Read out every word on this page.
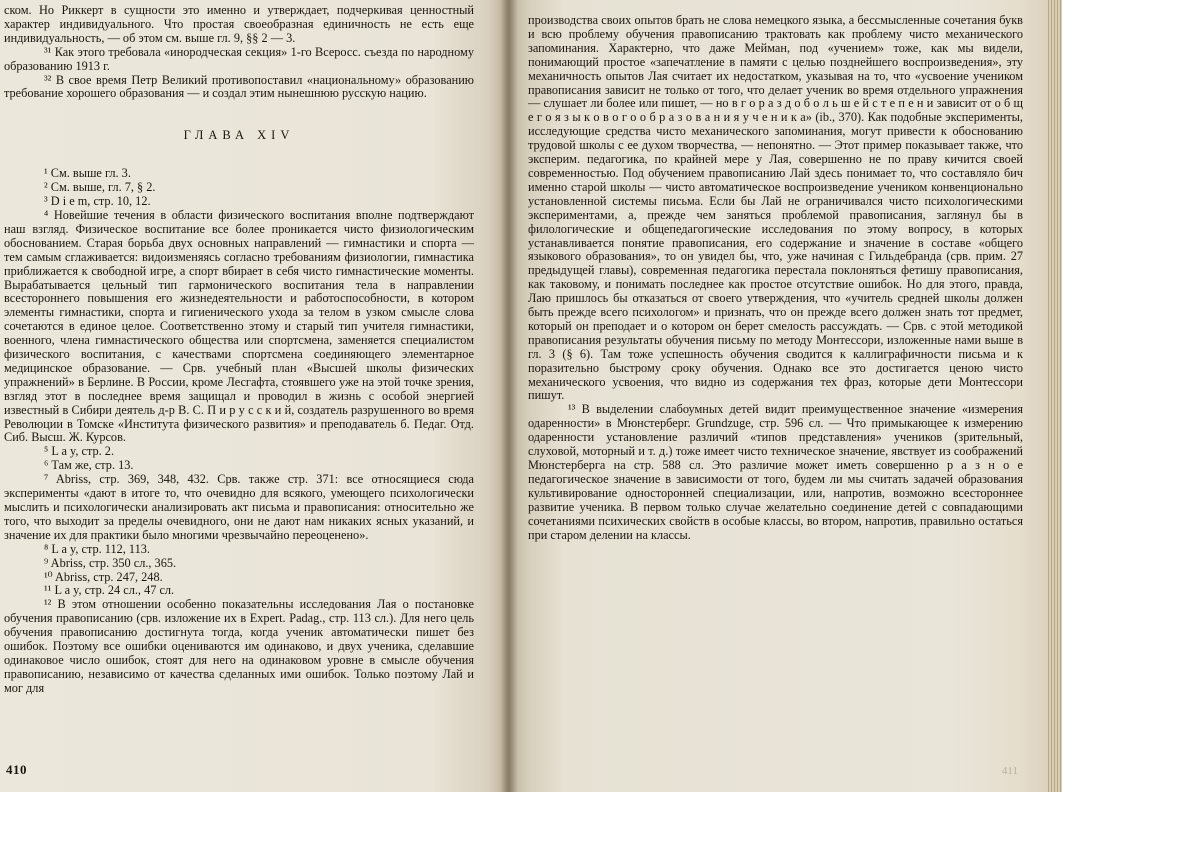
ском. Но Риккерт в сущности это именно и утверждает, подчеркивая ценностный характер индивидуального. Что простая своеобразная единичность не есть еще индивидуальность, — об этом см. выше гл. 9, §§ 2 — 3.

³¹ Как этого требовала «инородческая секция» 1-го Всеросс. съезда по народному образованию 1913 г.

³² В свое время Петр Великий противопоставил «национальному» образованию требование хорошего образования — и создал этим нынешнюю русскую нацию.

ГЛАВА XIV

¹ См. выше гл. 3.

² См. выше, гл. 7, § 2.

³ D i e m, стр. 10, 12.

⁴ Новейшие течения в области физического воспитания вполне подтверждают наш взгляд. Физическое воспитание все более проникается чисто физиологическим обоснованием. Старая борьба двух основных направлений — гимнастики и спорта — тем самым сглаживается: видоизменяясь согласно требованиям физиологии, гимнастика приближается к свободной игре, а спорт вбирает в себя чисто гимнастические моменты. Вырабатывается цельный тип гармонического воспитания тела в направлении всестороннего повышения его жизнедеятельности и работоспособности, в котором элементы гимнастики, спорта и гигиенического ухода за телом в узком смысле слова сочетаются в единое целое. Соответственно этому и старый тип учителя гимнастики, военного, члена гимнастического общества или спортсмена, заменяется специалистом физического воспитания, с качествами спортсмена соединяющего элементарное медицинское образование. — Срв. учебный план «Высшей школы физических упражнений» в Берлине. В России, кроме Лесгафта, стоявшего уже на этой точке зрения, взгляд этот в последнее время защищал и проводил в жизнь с особой энергией известный в Сибири деятель д-р В. С. П и р у с с к и й, создатель разрушенного во время Революции в Томске «Института физического развития» и преподаватель б. Педаг. Отд. Сиб. Высш. Ж. Курсов.

⁵ L a y, стр. 2.

⁶ Там же, стр. 13.

⁷ Abriss, стр. 369, 348, 432. Срв. также стр. 371: все относящиеся сюда эксперименты «дают в итоге то, что очевидно для всякого, умеющего психологически мыслить и психологически анализировать акт письма и правописания: относительно же того, что выходит за пределы очевидного, они не дают нам никаких ясных указаний, и значение их для практики было многими чрезвычайно переоценено».

⁸ L a y, стр. 112, 113.

⁹ Abriss, стр. 350 сл., 365.

¹⁰ Abriss, стр. 247, 248.

¹¹ L a y, стр. 24 сл., 47 сл.

¹² В этом отношении особенно показательны исследования Лая о постановке обучения правописанию (срв. изложение их в Expert. Padag., стр. 113 сл.). Для него цель обучения правописанию достигнута тогда, когда ученик автоматически пишет без ошибок. Поэтому все ошибки оцениваются им одинаково, и двух ученика, сделавшие одинаковое число ошибок, стоят для него на одинаковом уровне в смысле обучения правописанию, независимо от качества сделанных ими ошибок. Только поэтому Лай и мог для

410

производства своих опытов брать не слова немецкого языка, а бессмысленные сочетания букв и всю проблему обучения правописанию трактовать как проблему чисто механического запоминания. Характерно, что даже Мейман, под «учением» тоже, как мы видели, понимающий простое «запечатление в памяти с целью позднейшего воспроизведения», эту механичность опытов Лая считает их недостатком, указывая на то, что «усвоение учеником правописания зависит не только от того, что делает ученик во время отдельного упражнения — слушает ли более или пишет, — но в г о р а з д о б о л ь ш е й с т е п е н и зависит от о б щ е г о я з ы к о в о г о о б р а з о в а н и я у ч е н и к а» (ib., 370). Как подобные эксперименты, исследующие средства чисто механического запоминания, могут привести к обоснованию трудовой школы с ее духом творчества, — непонятно. — Этот пример показывает также, что эксперим. педагогика, по крайней мере у Лая, совершенно не по праву кичится своей современностью. Под обучением правописанию Лай здесь понимает то, что составляло бич именно старой школы — чисто автоматическое воспроизведение учеником конвенционально установленной системы письма. Если бы Лай не ограничивался чисто психологическими экспериментами, а, прежде чем заняться проблемой правописания, заглянул бы в филологические и общепедагогические исследования по этому вопросу, в которых устанавливается понятие правописания, его содержание и значение в составе «общего языкового образования», то он увидел бы, что, уже начиная с Гильдебранда (срв. прим. 27 предыдущей главы), современная педагогика перестала поклоняться фетишу правописания, как таковому, и понимать последнее как простое отсутствие ошибок. Но для этого, правда, Лаю пришлось бы отказаться от своего утверждения, что «учитель средней школы должен быть прежде всего психологом» и признать, что он прежде всего должен знать тот предмет, который он преподает и о котором он берет смелость рассуждать. — Срв. с этой методикой правописания результаты обучения письму по методу Монтессори, изложенные нами выше в гл. 3 (§ 6). Там тоже успешность обучения сводится к каллиграфичности письма и к поразительно быстрому сроку обучения. Однако все это достигается ценою чисто механического усвоения, что видно из содержания тех фраз, которые дети Монтессори пишут.

¹³ В выделении слабоумных детей видит преимущественное значение «измерения одаренности» в Мюнстерберг. Grundzuge, стр. 596 сл. — Что примыкающее к измерению одаренности установление различий «типов представления» учеников (зрительный, слуховой, моторный и т. д.) тоже имеет чисто техническое значение, явствует из соображений Мюнстерберга на стр. 588 сл. Это различие может иметь совершенно р а з н о е педагогическое значение в зависимости от того, будем ли мы считать задачей образования культивирование односторонней специализации, или, напротив, возможно всестороннее развитие ученика. В первом только случае желательно соединение детей с совпадающими сочетаниями психических свойств в особые классы, во втором, напротив, правильно остаться при старом делении на классы.

411
